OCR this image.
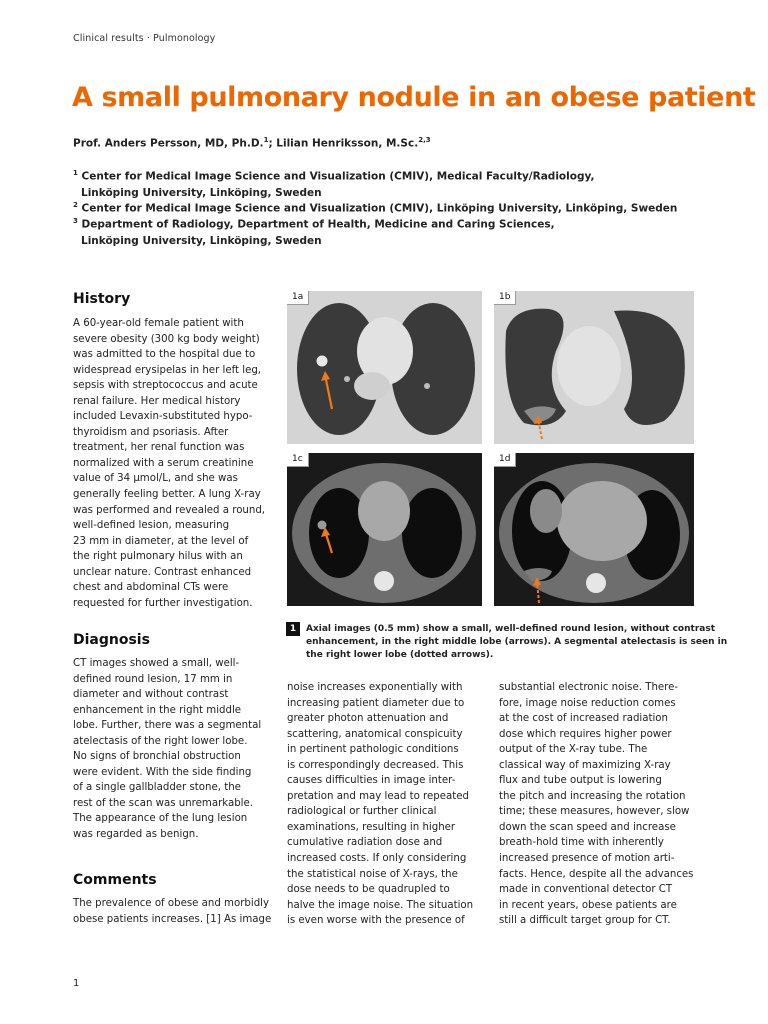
Clinical results · Pulmonology
A small pulmonary nodule in an obese patient
Prof. Anders Persson, MD, Ph.D.$^1$; Lilian Henriksson, M.Sc.$^{2,3}$
$^1$ Center for Medical Image Science and Visualization (CMIV), Medical Faculty/Radiology,
Linköping University, Linköping, Sweden
$^2$ Center for Medical Image Science and Visualization (CMIV), Linköping University, Linköping, Sweden
$^3$ Department of Radiology, Department of Health, Medicine and Caring Sciences,
Linköping University, Linköping, Sweden
History
A 60-year-old female patient with
severe obesity (300 kg body weight)
was admitted to the hospital due to
widespread erysipelas in her left leg,
sepsis with streptococcus and acute
renal failure. Her medical history
included Levaxin-substituted hypo-
thyroidism and psoriasis. After
treatment, her renal function was
normalized with a serum creatinine
value of 34 µmol/L, and she was
generally feeling better. A lung X-ray
was performed and revealed a round,
well-defined lesion, measuring
23 mm in diameter, at the level of
the right pulmonary hilus with an
unclear nature. Contrast enhanced
chest and abdominal CTs were
requested for further investigation.
Diagnosis
CT images showed a small, well-
defined round lesion, 17 mm in
diameter and without contrast
enhancement in the right middle
lobe. Further, there was a segmental
atelectasis of the right lower lobe.
No signs of bronchial obstruction
were evident. With the side finding
of a single gallbladder stone, the
rest of the scan was unremarkable.
The appearance of the lung lesion
was regarded as benign.
Comments
The prevalence of obese and morbidly
obese patients increases. [1] As image
noise increases exponentially with
increasing patient diameter due to
greater photon attenuation and
scattering, anatomical conspicuity
in pertinent pathologic conditions
is correspondingly decreased. This
causes difficulties in image inter-
pretation and may lead to repeated
radiological or further clinical
examinations, resulting in higher
cumulative radiation dose and
increased costs. If only considering
the statistical noise of X-rays, the
dose needs to be quadrupled to
halve the image noise. The situation
is even worse with the presence of
substantial electronic noise. There-
fore, image noise reduction comes
at the cost of increased radiation
dose which requires higher power
output of the X-ray tube. The
classical way of maximizing X-ray
flux and tube output is lowering
the pitch and increasing the rotation
time; these measures, however, slow
down the scan speed and increase
breath-hold time with inherently
increased presence of motion arti-
facts. Hence, despite all the advances
made in conventional detector CT
in recent years, obese patients are
still a difficult target group for CT.
1a	1b
1c	1d
1	Axial images (0.5 mm) show a small, well-defined round lesion, without contrast
enhancement, in the right middle lobe (arrows). A segmental atelectasis is seen in
the right lower lobe (dotted arrows).
1
